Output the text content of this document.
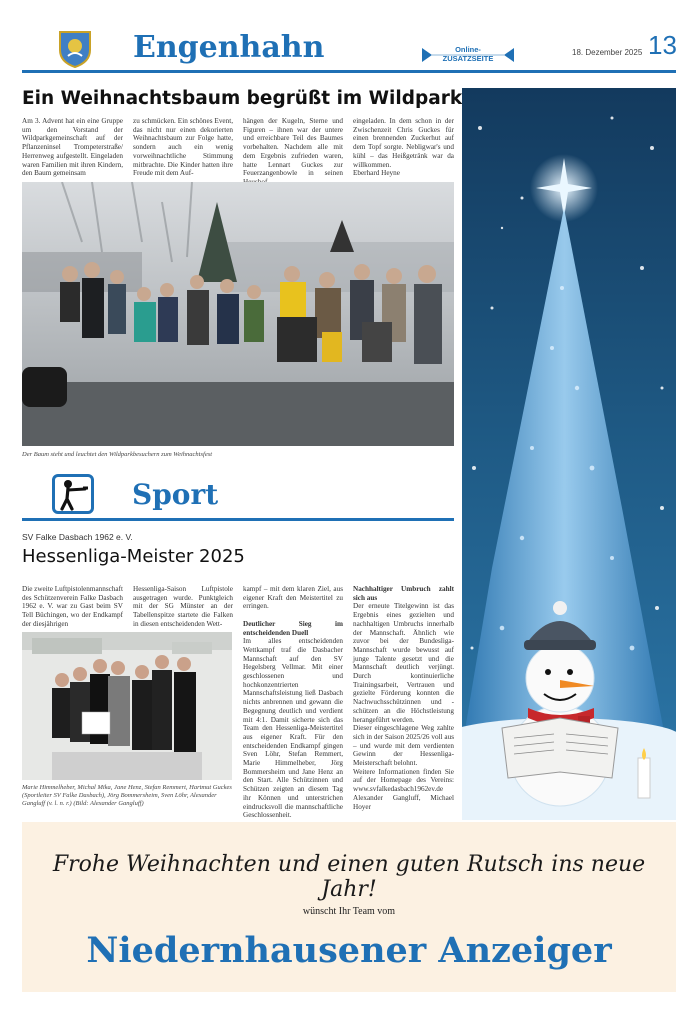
Engenhahn	Online-
ZUSATZSEITE
18. Dezember 2025 13
Ein Weihnachtsbaum begrüßt im Wildpark
Am 3. Advent hat ein eine Gruppe um den Vorstand der Wildparkgemeinschaft auf der Pflanzeninsel Trompeterstraße/ Herrenweg aufgestellt. Eingeladen waren Familien mit ihren Kindern, den Baum gemeinsam
zu schmücken. Ein schönes Event, das nicht nur einen dekorierten Weihnachtsbaum zur Folge hatte, sondern auch ein wenig vorweihnachtliche Stimmung mitbrachte. Die Kinder hatten ihre Freude mit dem Auf-
hängen der Kugeln, Sterne und Figuren – ihnen war der untere und erreichbare Teil des Baumes vorbehalten. Nachdem alle mit dem Ergebnis zufrieden waren, hatte Lennart Guckes zur Feuerzangenbowle in seinen
eingeladen. In dem schon in der Zwischenzeit Chris Guckes für einen brennenden Zuckerhut auf dem Topf sorgte. Nebligwar's und kühl – das Heißgetränk war da willkommen.
Eberhard Heyne
Der Baum steht und leuchtet den Wildparkbesuchern zum Weihnachtsfest
Sport
SV Falke Dasbach 1962 e. V.
Hessenliga-Meister 2025
Die zweite Luftpistolenmannschaft des Schützenverein Falke Dasbach 1962 e. V. war zu Gast beim SV Tell Büchingen, wo der Endkampf der diesjährigen
Hessenliga-Saison Luftpistole ausgetragen wurde. Punktgleich mit der SG Münster an der Tabellenspitze startete die Falken in diesen entscheidenden Wett-
Marie Himmelheber, Michal Mika, Jane Henz, Stefan Remmert, Hartmut Guckes (Sportleiter SV Falke Dasbach), Jörg Bommersheim, Sven Löhr, Alexander Gangluff (v. l. n. r.) (Bild: Alexander Gangluff)
kampf – mit dem klaren Ziel, aus eigener Kraft den Meistertitel zu erringen.

Deutlicher Sieg im entscheidenden Duell
Im alles entscheidenden Wettkampf traf die Dasbacher Mannschaft auf den SV Hegelsberg Vellmar. Mit einer geschlossenen und hochkonzentrierten Mannschaftsleistung ließ Dasbach nichts anbrennen und gewann die Begegnung deutlich und verdient mit 4:1. Damit sicherte sich das Team den Hessenliga-Meistertitel aus eigener Kraft. Für den entscheidenden Endkampf gingen Sven Löhr, Stefan Remmert, Marie Himmelheber, Jörg Bommersheim und Jane Henz an den Start. Alle Schützinnen und Schützen zeigten an diesem Tag ihr Können und unterstrichen eindrucksvoll die mannschaftliche Geschlossenheit.
Nachhaltiger Umbruch zahlt sich aus
Der erneute Titelgewinn ist das Ergebnis eines gezielten und nachhaltigen Umbruchs innerhalb der Mannschaft. Ähnlich wie zuvor bei der Bundesliga-Mannschaft wurde bewusst auf junge Talente gesetzt und die Mannschaft deutlich verjüngt. Durch kontinuierliche Trainingsarbeit, Vertrauen und gezielte Förderung konnten die Nachwuchsschützinnen und -schützen an die Höchstleistung herangeführt werden.
Dieser eingeschlagene Weg zahlte sich in der Saison 2025/26 voll aus – und wurde mit dem verdienten Gewinn der Hessenliga-Meisterschaft belohnt.
Weitere Informationen finden Sie auf der Homepage des Vereins: www.svfalkedasbach1962ev.de
Alexander Gangluff, Michael Hoyer
Frohe Weihnachten und einen guten Rutsch ins neue Jahr!
wünscht Ihr Team vom
Niedernhausener Anzeiger
